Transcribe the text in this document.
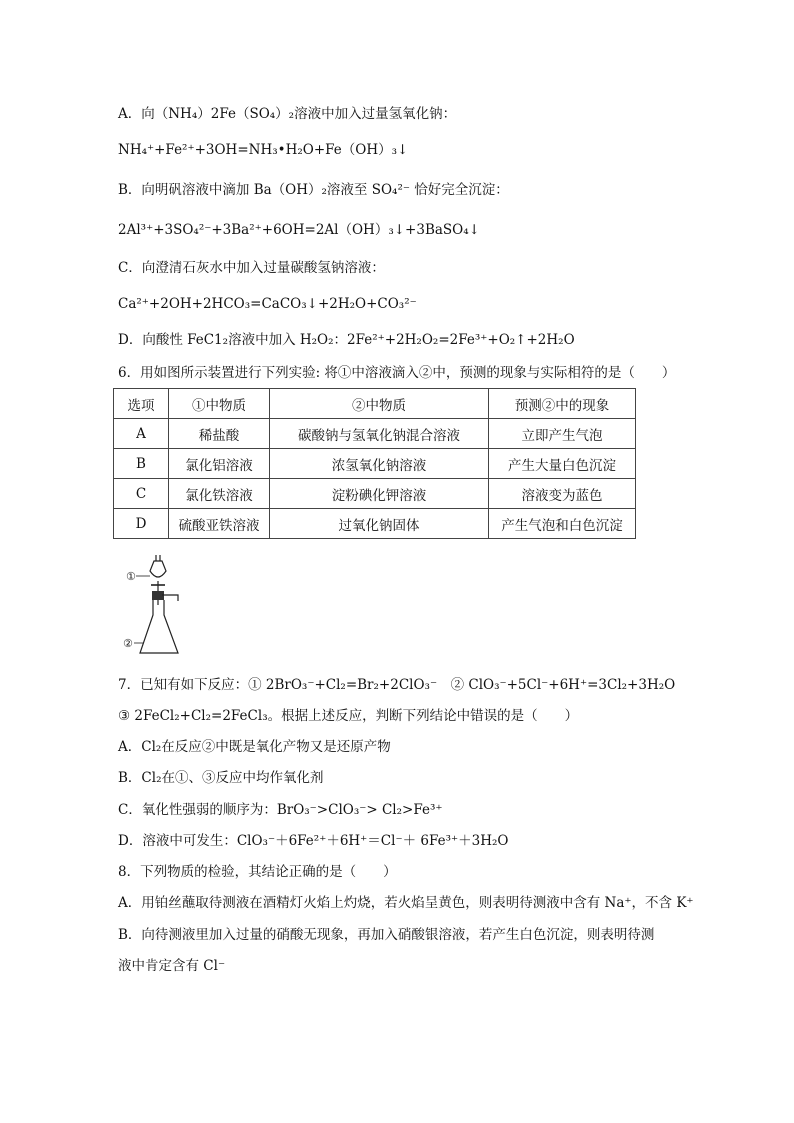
A．向（NH₄）2Fe（SO₄）₂溶液中加入过量氢氧化钠：
NH₄⁺+Fe²⁺+3OH=NH₃•H₂O+Fe（OH）₃↓
B．向明矾溶液中滴加 Ba（OH）₂溶液至 SO₄²⁻ 恰好完全沉淀：
2Al³⁺+3SO₄²⁻+3Ba²⁺+6OH=2Al（OH）₃↓+3BaSO₄↓
C．向澄清石灰水中加入过量碳酸氢钠溶液：
Ca²⁺+2OH+2HCO₃=CaCO₃↓+2H₂O+CO₃²⁻
D．向酸性 FeC1₂溶液中加入 H₂O₂：2Fe²⁺+2H₂O₂=2Fe³⁺+O₂↑+2H₂O
6．用如图所示装置进行下列实验: 将①中溶液滴入②中，预测的现象与实际相符的是（　　）
选项	①中物质	②中物质	预测②中的现象
A	稀盐酸	碳酸钠与氢氧化钠混合溶液	立即产生气泡
B	氯化铝溶液	浓氢氧化钠溶液	产生大量白色沉淀
C	氯化铁溶液	淀粉碘化钾溶液	溶液变为蓝色
D	硫酸亚铁溶液	过氧化钠固体	产生气泡和白色沉淀
①
②
7．已知有如下反应：① 2BrO₃⁻+Cl₂=Br₂+2ClO₃⁻　② ClO₃⁻+5Cl⁻+6H⁺=3Cl₂+3H₂O
③ 2FeCl₂+Cl₂=2FeCl₃。根据上述反应，判断下列结论中错误的是（　　）
A．Cl₂在反应②中既是氧化产物又是还原产物
B．Cl₂在①、③反应中均作氧化剂
C．氧化性强弱的顺序为：BrO₃⁻>ClO₃⁻> Cl₂>Fe³⁺
D．溶液中可发生：ClO₃⁻＋6Fe²⁺＋6H⁺＝Cl⁻＋ 6Fe³⁺＋3H₂O
8．下列物质的检验，其结论正确的是（　　）
A．用铂丝蘸取待测液在酒精灯火焰上灼烧，若火焰呈黄色，则表明待测液中含有 Na⁺，不含 K⁺
B．向待测液里加入过量的硝酸无现象，再加入硝酸银溶液，若产生白色沉淀，则表明待测
液中肯定含有 Cl⁻
